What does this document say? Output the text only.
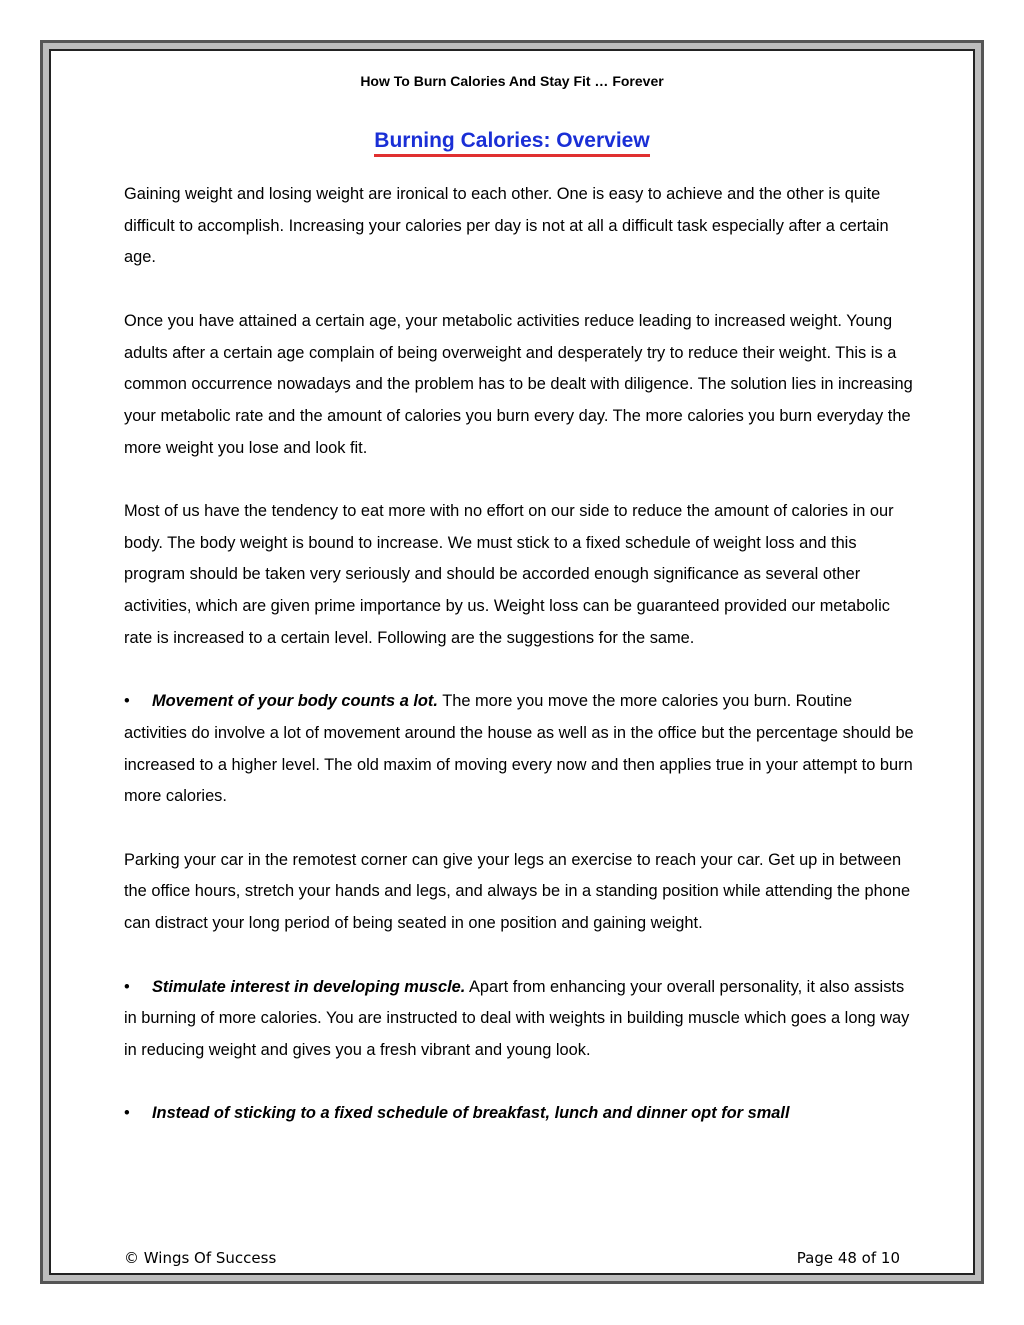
How To Burn Calories And Stay Fit … Forever
Burning Calories: Overview

Gaining weight and losing weight are ironical to each other. One is easy to achieve and the other is quite difficult to accomplish. Increasing your calories per day is not at all a difficult task especially after a certain age.

Once you have attained a certain age, your metabolic activities reduce leading to increased weight. Young adults after a certain age complain of being overweight and desperately try to reduce their weight. This is a common occurrence nowadays and the problem has to be dealt with diligence. The solution lies in increasing your metabolic rate and the amount of calories you burn every day. The more calories you burn everyday the more weight you lose and look fit.

Most of us have the tendency to eat more with no effort on our side to reduce the amount of calories in our body. The body weight is bound to increase. We must stick to a fixed schedule of weight loss and this program should be taken very seriously and should be accorded enough significance as several other activities, which are given prime importance by us. Weight loss can be guaranteed provided our metabolic rate is increased to a certain level. Following are the suggestions for the same.

• Movement of your body counts a lot. The more you move the more calories you burn. Routine activities do involve a lot of movement around the house as well as in the office but the percentage should be increased to a higher level. The old maxim of moving every now and then applies true in your attempt to burn more calories.

Parking your car in the remotest corner can give your legs an exercise to reach your car. Get up in between the office hours, stretch your hands and legs, and always be in a standing position while attending the phone can distract your long period of being seated in one position and gaining weight.

• Stimulate interest in developing muscle. Apart from enhancing your overall personality, it also assists in burning of more calories. You are instructed to deal with weights in building muscle which goes a long way in reducing weight and gives you a fresh vibrant and young look.

• Instead of sticking to a fixed schedule of breakfast, lunch and dinner opt for small

© Wings Of Success	Page 48 of 10
